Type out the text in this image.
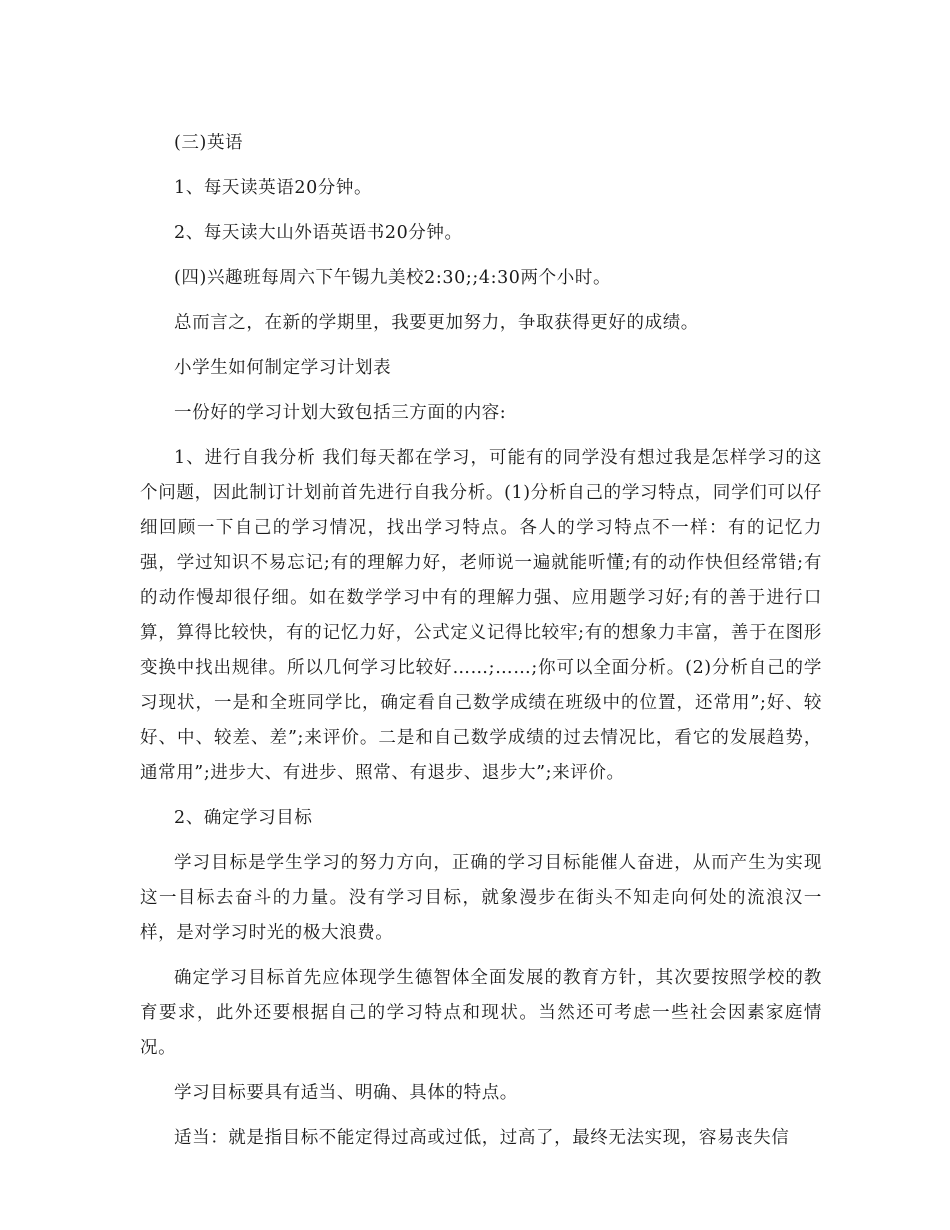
(三)英语

1、每天读英语20分钟。

2、每天读大山外语英语书20分钟。

(四)兴趣班每周六下午锡九美校2:30;;4:30两个小时。

总而言之，在新的学期里，我要更加努力，争取获得更好的成绩。

小学生如何制定学习计划表

一份好的学习计划大致包括三方面的内容:

1、进行自我分析 我们每天都在学习，可能有的同学没有想过我是怎样学习的这个问题，因此制订计划前首先进行自我分析。(1)分析自己的学习特点，同学们可以仔细回顾一下自己的学习情况，找出学习特点。各人的学习特点不一样：有的记忆力强，学过知识不易忘记;有的理解力好，老师说一遍就能听懂;有的动作快但经常错;有的动作慢却很仔细。如在数学学习中有的理解力强、应用题学习好;有的善于进行口算，算得比较快，有的记忆力好，公式定义记得比较牢;有的想象力丰富，善于在图形变换中找出规律。所以几何学习比较好……;……;你可以全面分析。(2)分析自己的学习现状，一是和全班同学比，确定看自己数学成绩在班级中的位置，还常用”;好、较好、中、较差、差”;来评价。二是和自己数学成绩的过去情况比，看它的发展趋势，通常用”;进步大、有进步、照常、有退步、退步大”;来评价。

2、确定学习目标

学习目标是学生学习的努力方向，正确的学习目标能催人奋进，从而产生为实现这一目标去奋斗的力量。没有学习目标，就象漫步在街头不知走向何处的流浪汉一样，是对学习时光的极大浪费。

确定学习目标首先应体现学生德智体全面发展的教育方针，其次要按照学校的教育要求，此外还要根据自己的学习特点和现状。当然还可考虑一些社会因素家庭情况。

学习目标要具有适当、明确、具体的特点。

适当：就是指目标不能定得过高或过低，过高了，最终无法实现，容易丧失信
